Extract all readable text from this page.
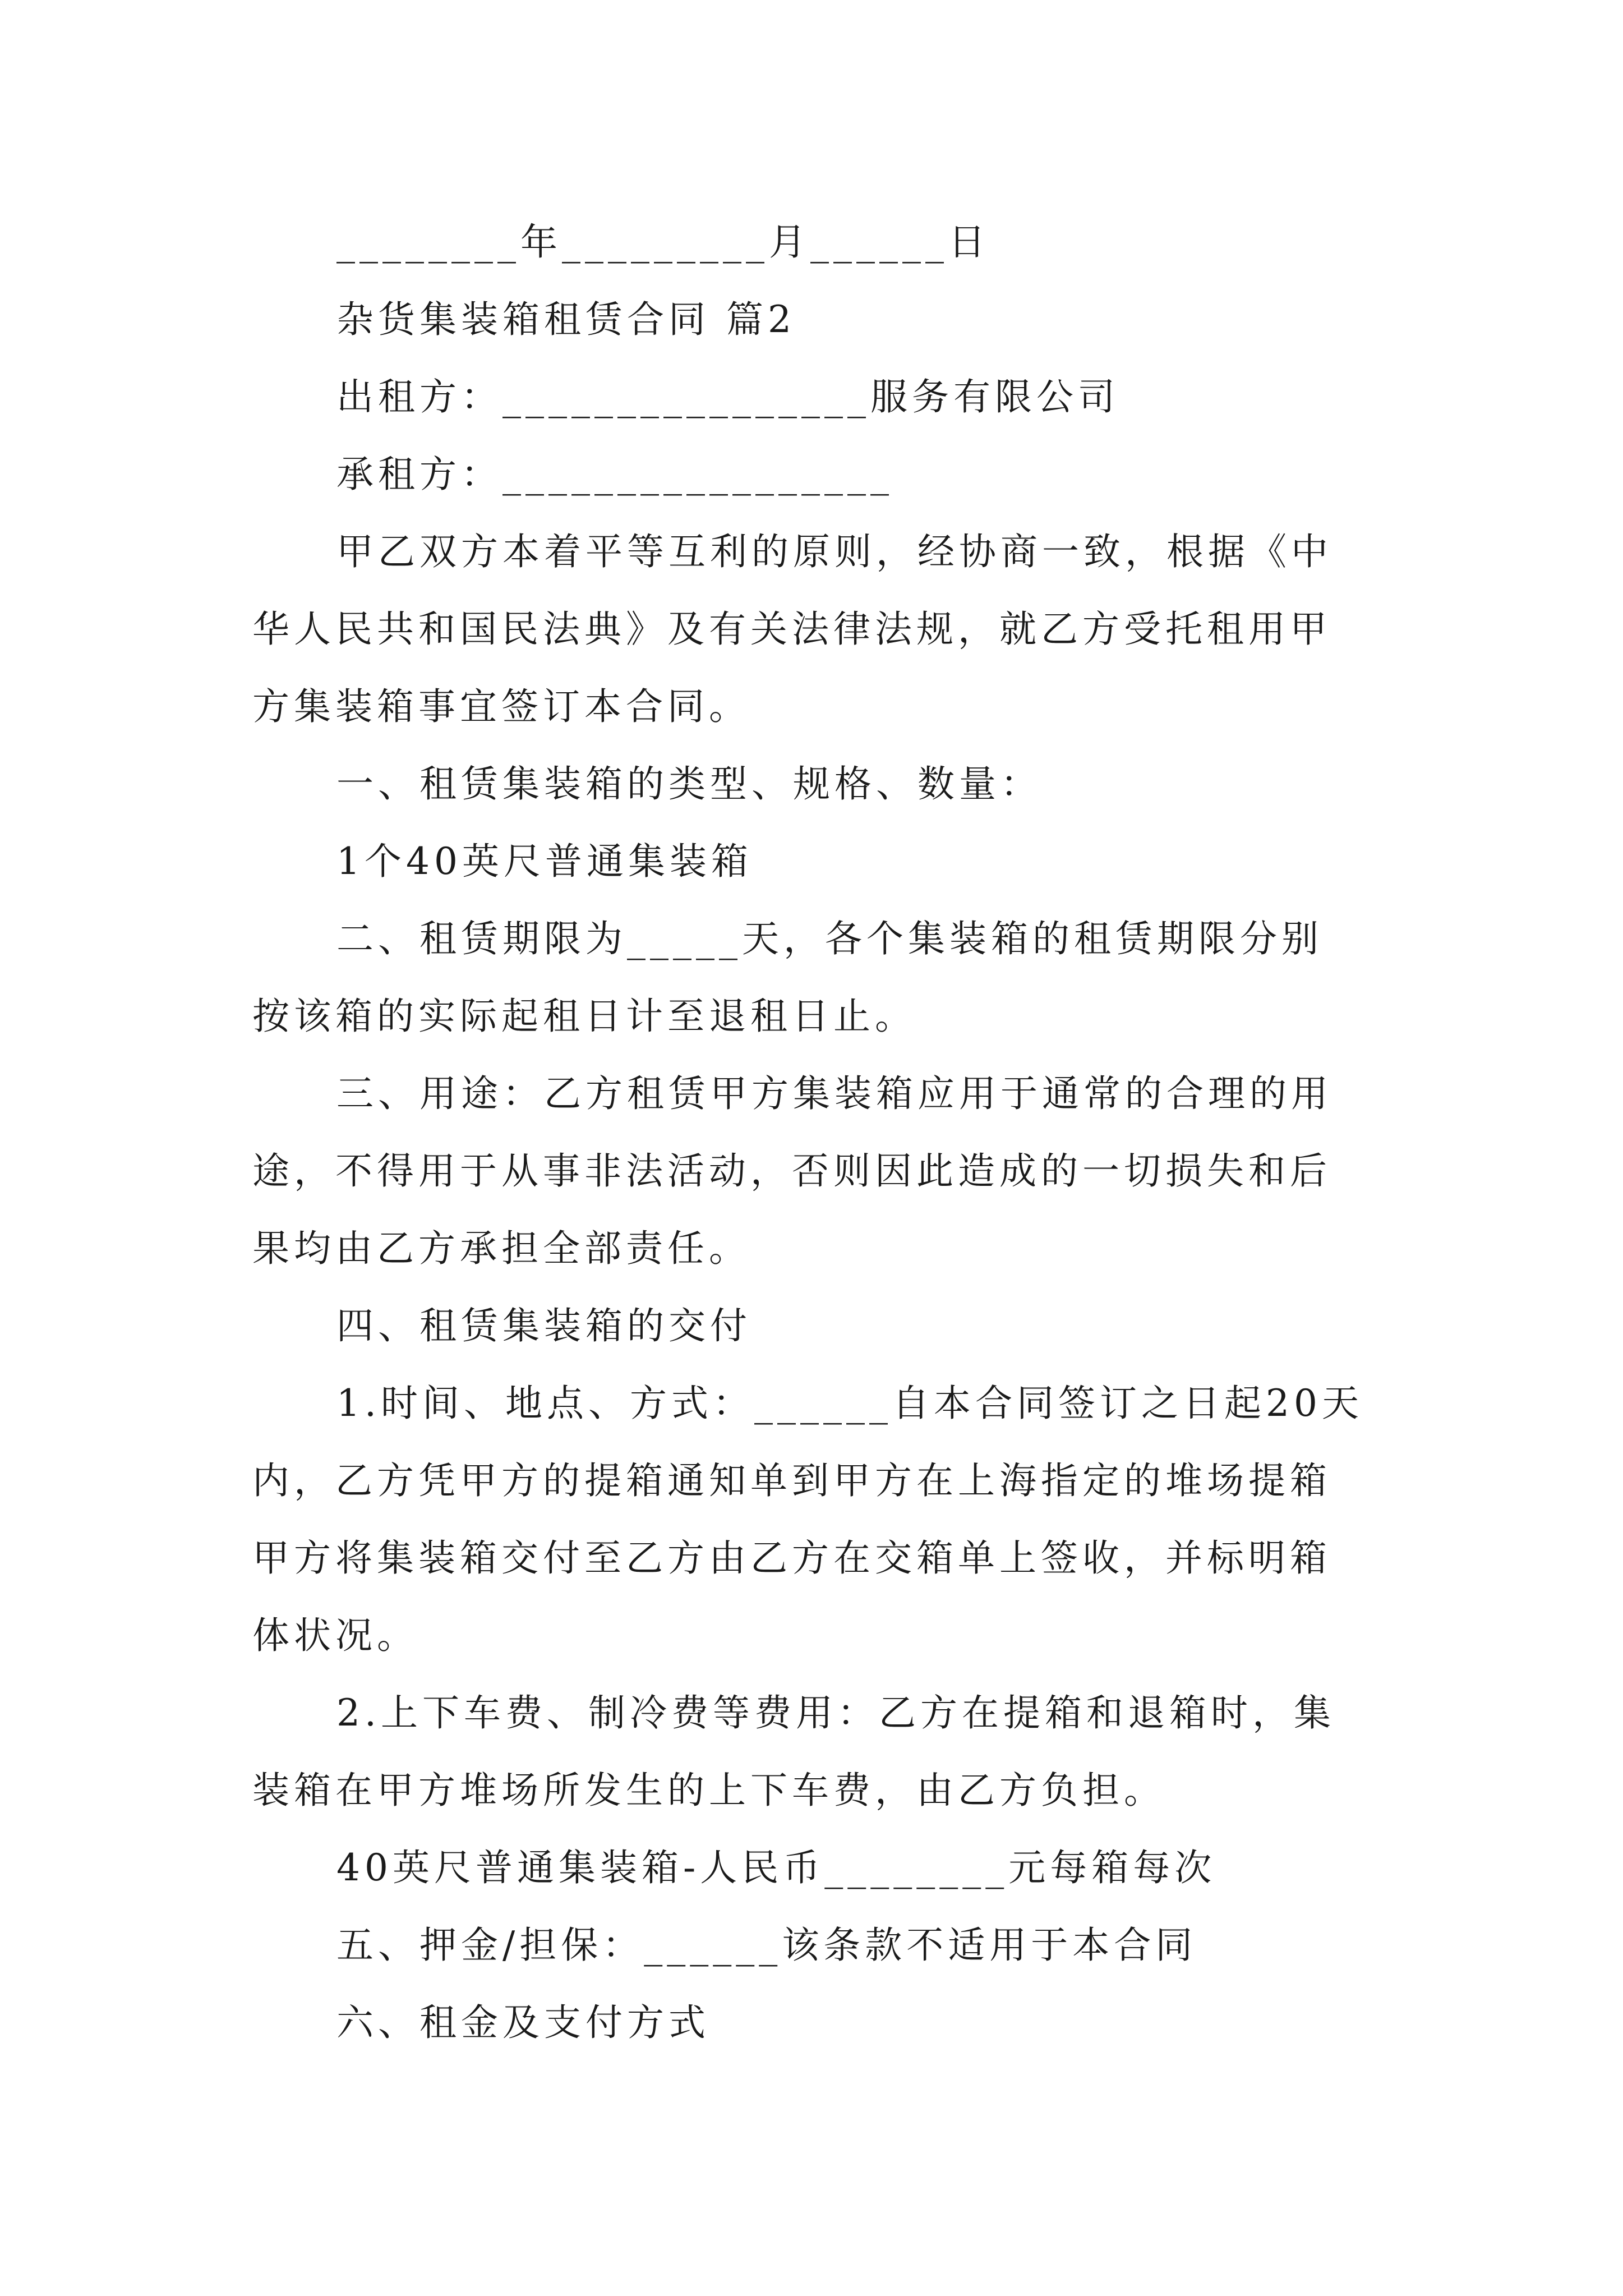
________年_________月______日
杂货集装箱租赁合同 篇2
出租方：________________服务有限公司
承租方：_________________
甲乙双方本着平等互利的原则，经协商一致，根据《中
华人民共和国民法典》及有关法律法规，就乙方受托租用甲
方集装箱事宜签订本合同。
一、租赁集装箱的类型、规格、数量：
1个40英尺普通集装箱
二、租赁期限为_____天，各个集装箱的租赁期限分别
按该箱的实际起租日计至退租日止。
三、用途：乙方租赁甲方集装箱应用于通常的合理的用
途，不得用于从事非法活动，否则因此造成的一切损失和后
果均由乙方承担全部责任。
四、租赁集装箱的交付
1.时间、地点、方式：______自本合同签订之日起20天
内，乙方凭甲方的提箱通知单到甲方在上海指定的堆场提箱
甲方将集装箱交付至乙方由乙方在交箱单上签收，并标明箱
体状况。
2.上下车费、制冷费等费用：乙方在提箱和退箱时，集
装箱在甲方堆场所发生的上下车费，由乙方负担。
40英尺普通集装箱-人民币________元每箱每次
五、押金/担保：______该条款不适用于本合同
六、租金及支付方式
